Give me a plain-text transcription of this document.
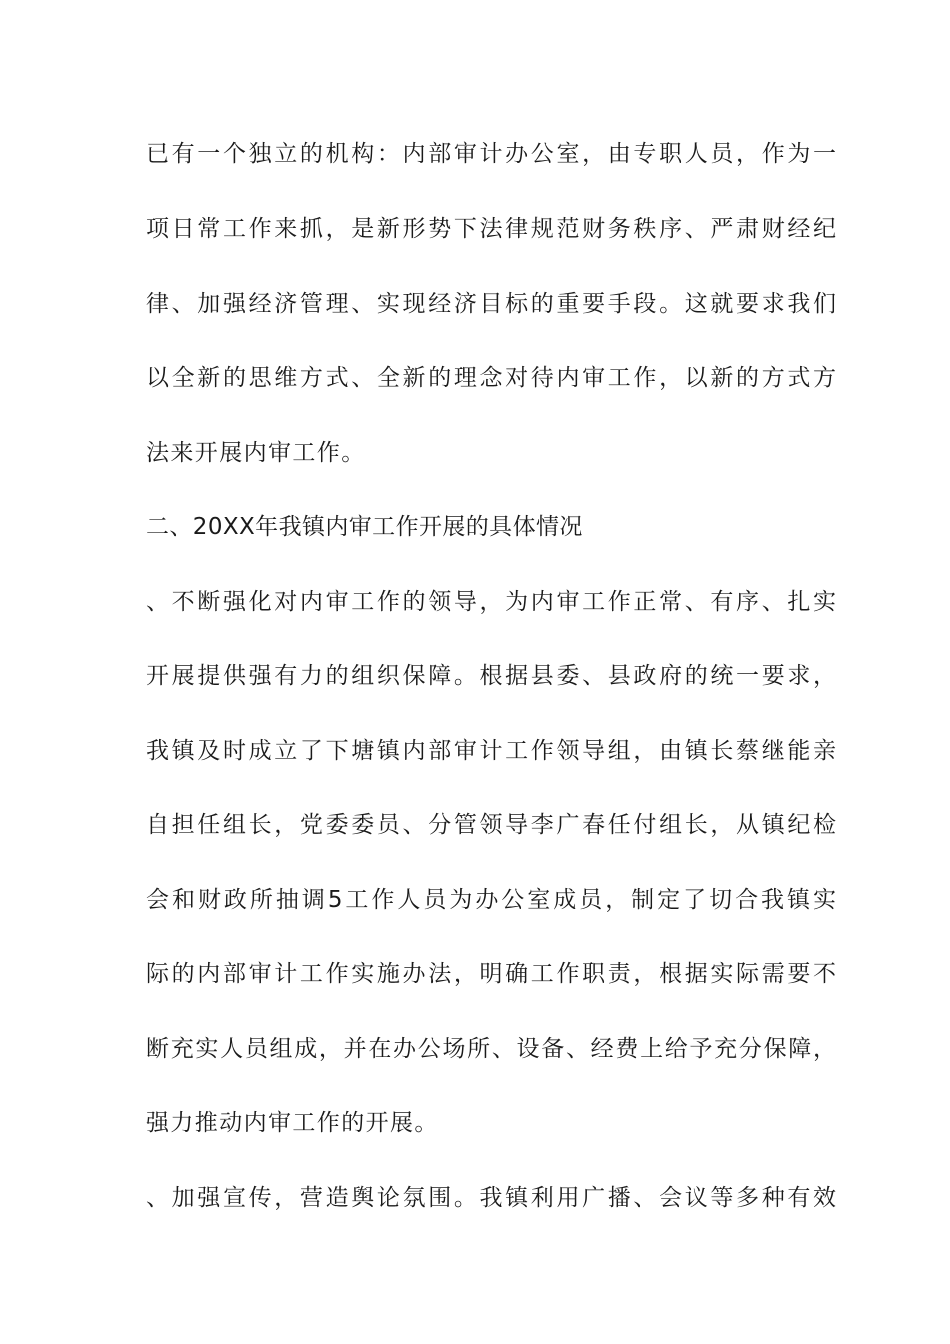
已有一个独立的机构：内部审计办公室，由专职人员，作为一
项日常工作来抓，是新形势下法律规范财务秩序、严肃财经纪
律、加强经济管理、实现经济目标的重要手段。这就要求我们
以全新的思维方式、全新的理念对待内审工作，以新的方式方
法来开展内审工作。
二、20XX年我镇内审工作开展的具体情况
、不断强化对内审工作的领导，为内审工作正常、有序、扎实
开展提供强有力的组织保障。根据县委、县政府的统一要求，
我镇及时成立了下塘镇内部审计工作领导组，由镇长蔡继能亲
自担任组长，党委委员、分管领导李广春任付组长，从镇纪检
会和财政所抽调5工作人员为办公室成员，制定了切合我镇实
际的内部审计工作实施办法，明确工作职责，根据实际需要不
断充实人员组成，并在办公场所、设备、经费上给予充分保障，
强力推动内审工作的开展。
、加强宣传，营造舆论氛围。我镇利用广播、会议等多种有效
